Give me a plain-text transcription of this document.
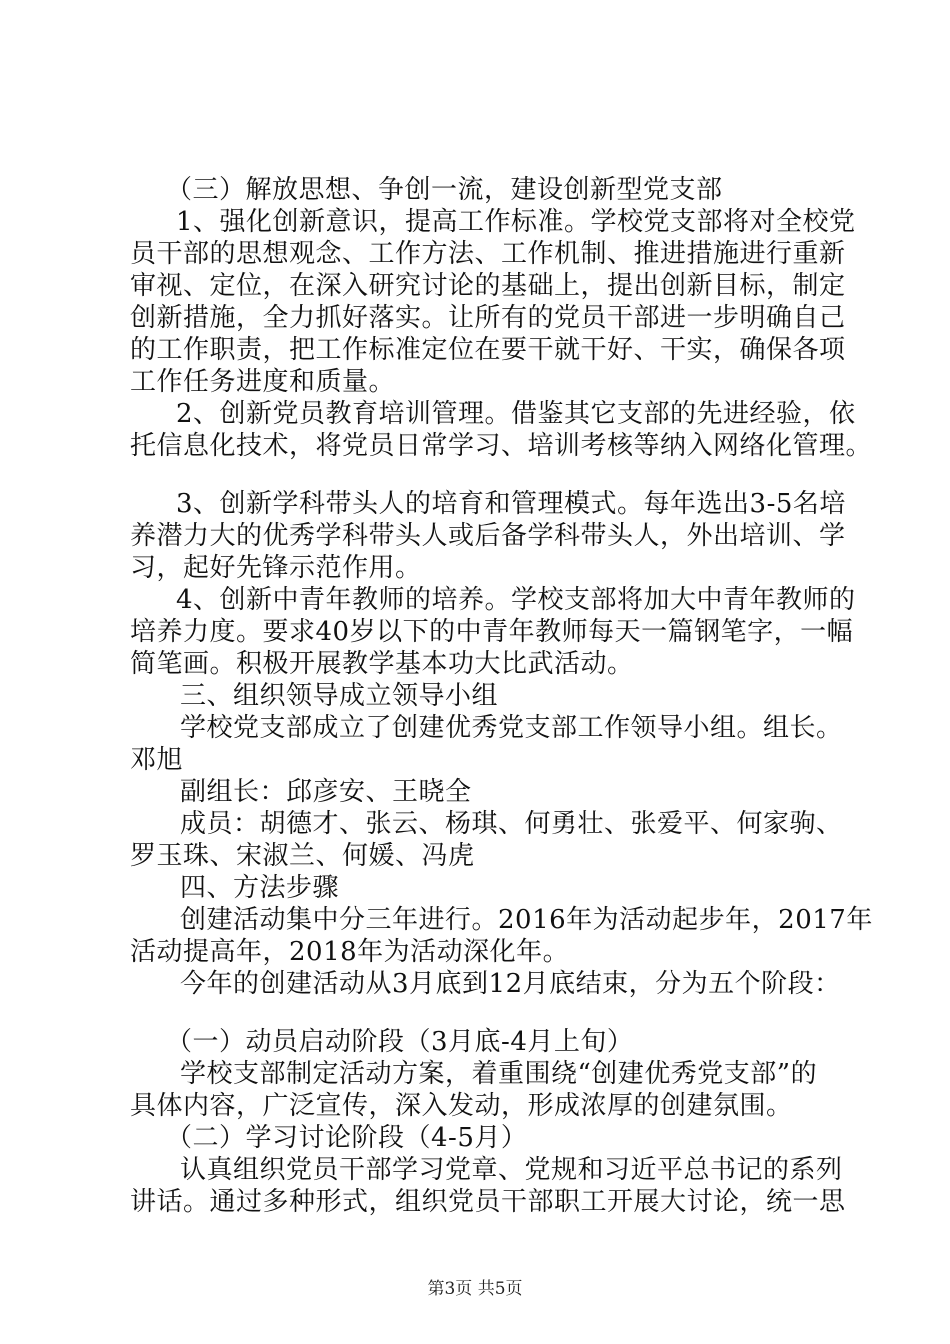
（三）解放思想、争创一流，建设创新型党支部
1、强化创新意识，提高工作标准。学校党支部将对全校党
员干部的思想观念、工作方法、工作机制、推进措施进行重新
审视、定位，在深入研究讨论的基础上，提出创新目标，制定
创新措施，全力抓好落实。让所有的党员干部进一步明确自己
的工作职责，把工作标准定位在要干就干好、干实，确保各项
工作任务进度和质量。
2、创新党员教育培训管理。借鉴其它支部的先进经验，依
托信息化技术，将党员日常学习、培训考核等纳入网络化管理。
3、创新学科带头人的培育和管理模式。每年选出3-5名培
养潜力大的优秀学科带头人或后备学科带头人，外出培训、学
习，起好先锋示范作用。
4、创新中青年教师的培养。学校支部将加大中青年教师的
培养力度。要求40岁以下的中青年教师每天一篇钢笔字，一幅
简笔画。积极开展教学基本功大比武活动。
三、组织领导成立领导小组
学校党支部成立了创建优秀党支部工作领导小组。组长。
邓旭
副组长：邱彦安、王晓全
成员：胡德才、张云、杨琪、何勇壮、张爱平、何家驹、
罗玉珠、宋淑兰、何媛、冯虎
四、方法步骤
创建活动集中分三年进行。2016年为活动起步年，2017年
活动提高年，2018年为活动深化年。
今年的创建活动从3月底到12月底结束，分为五个阶段：
（一）动员启动阶段（3月底-4月上旬）
学校支部制定活动方案，着重围绕“创建优秀党支部”的
具体内容，广泛宣传，深入发动，形成浓厚的创建氛围。
（二）学习讨论阶段（4-5月）
认真组织党员干部学习党章、党规和习近平总书记的系列
讲话。通过多种形式，组织党员干部职工开展大讨论，统一思
第3页 共5页
